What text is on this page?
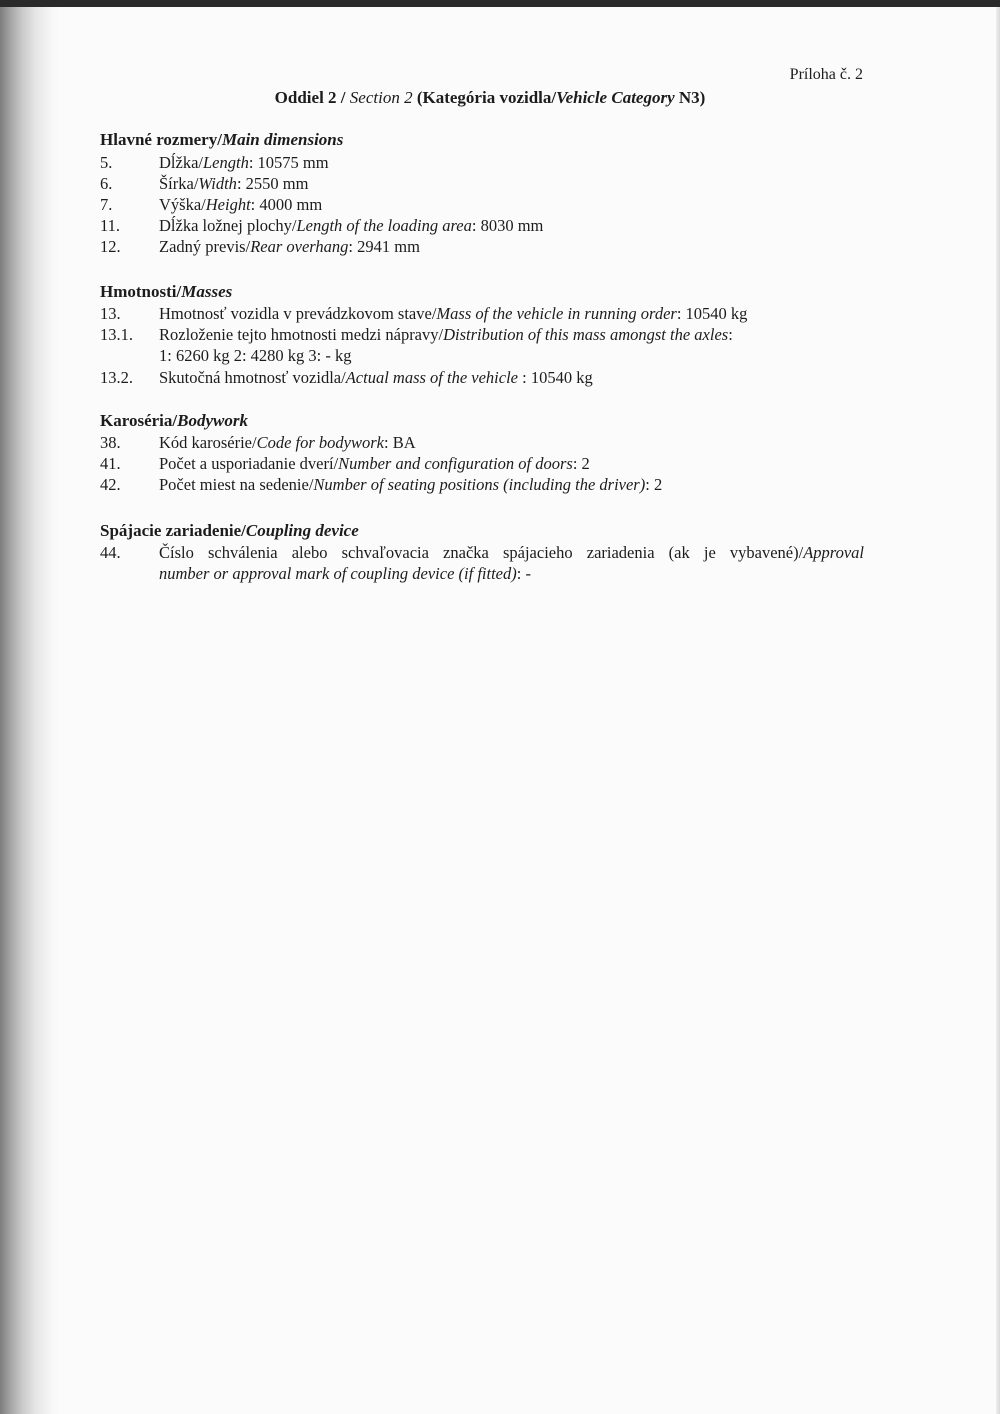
Príloha č. 2
Oddiel 2 / Section 2 (Kategória vozidla/Vehicle Category N3)
Hlavné rozmery/Main dimensions
5.	Dĺžka/Length: 10575 mm
6.	Šírka/Width: 2550 mm
7.	Výška/Height: 4000 mm
11. Dĺžka ložnej plochy/Length of the loading area: 8030 mm
12. Zadný previs/Rear overhang: 2941 mm
Hmotnosti/Masses
13. Hmotnosť vozidla v prevádzkovom stave/Mass of the vehicle in running order: 10540 kg
13.1. Rozloženie tejto hmotnosti medzi nápravy/Distribution of this mass amongst the axles:
1: 6260 kg 2: 4280 kg 3: - kg
13.2. Skutočná hmotnosť vozidla/Actual mass of the vehicle : 10540 kg
Karoséria/Bodywork
38. Kód karosérie/Code for bodywork: BA
41. Počet a usporiadanie dverí/Number and configuration of doors: 2
42. Počet miest na sedenie/Number of seating positions (including the driver): 2
Spájacie zariadenie/Coupling device
44. Číslo schválenia alebo schvaľovacia značka spájacieho zariadenia (ak je vybavené)/Approval
number or approval mark of coupling device (if fitted): -
